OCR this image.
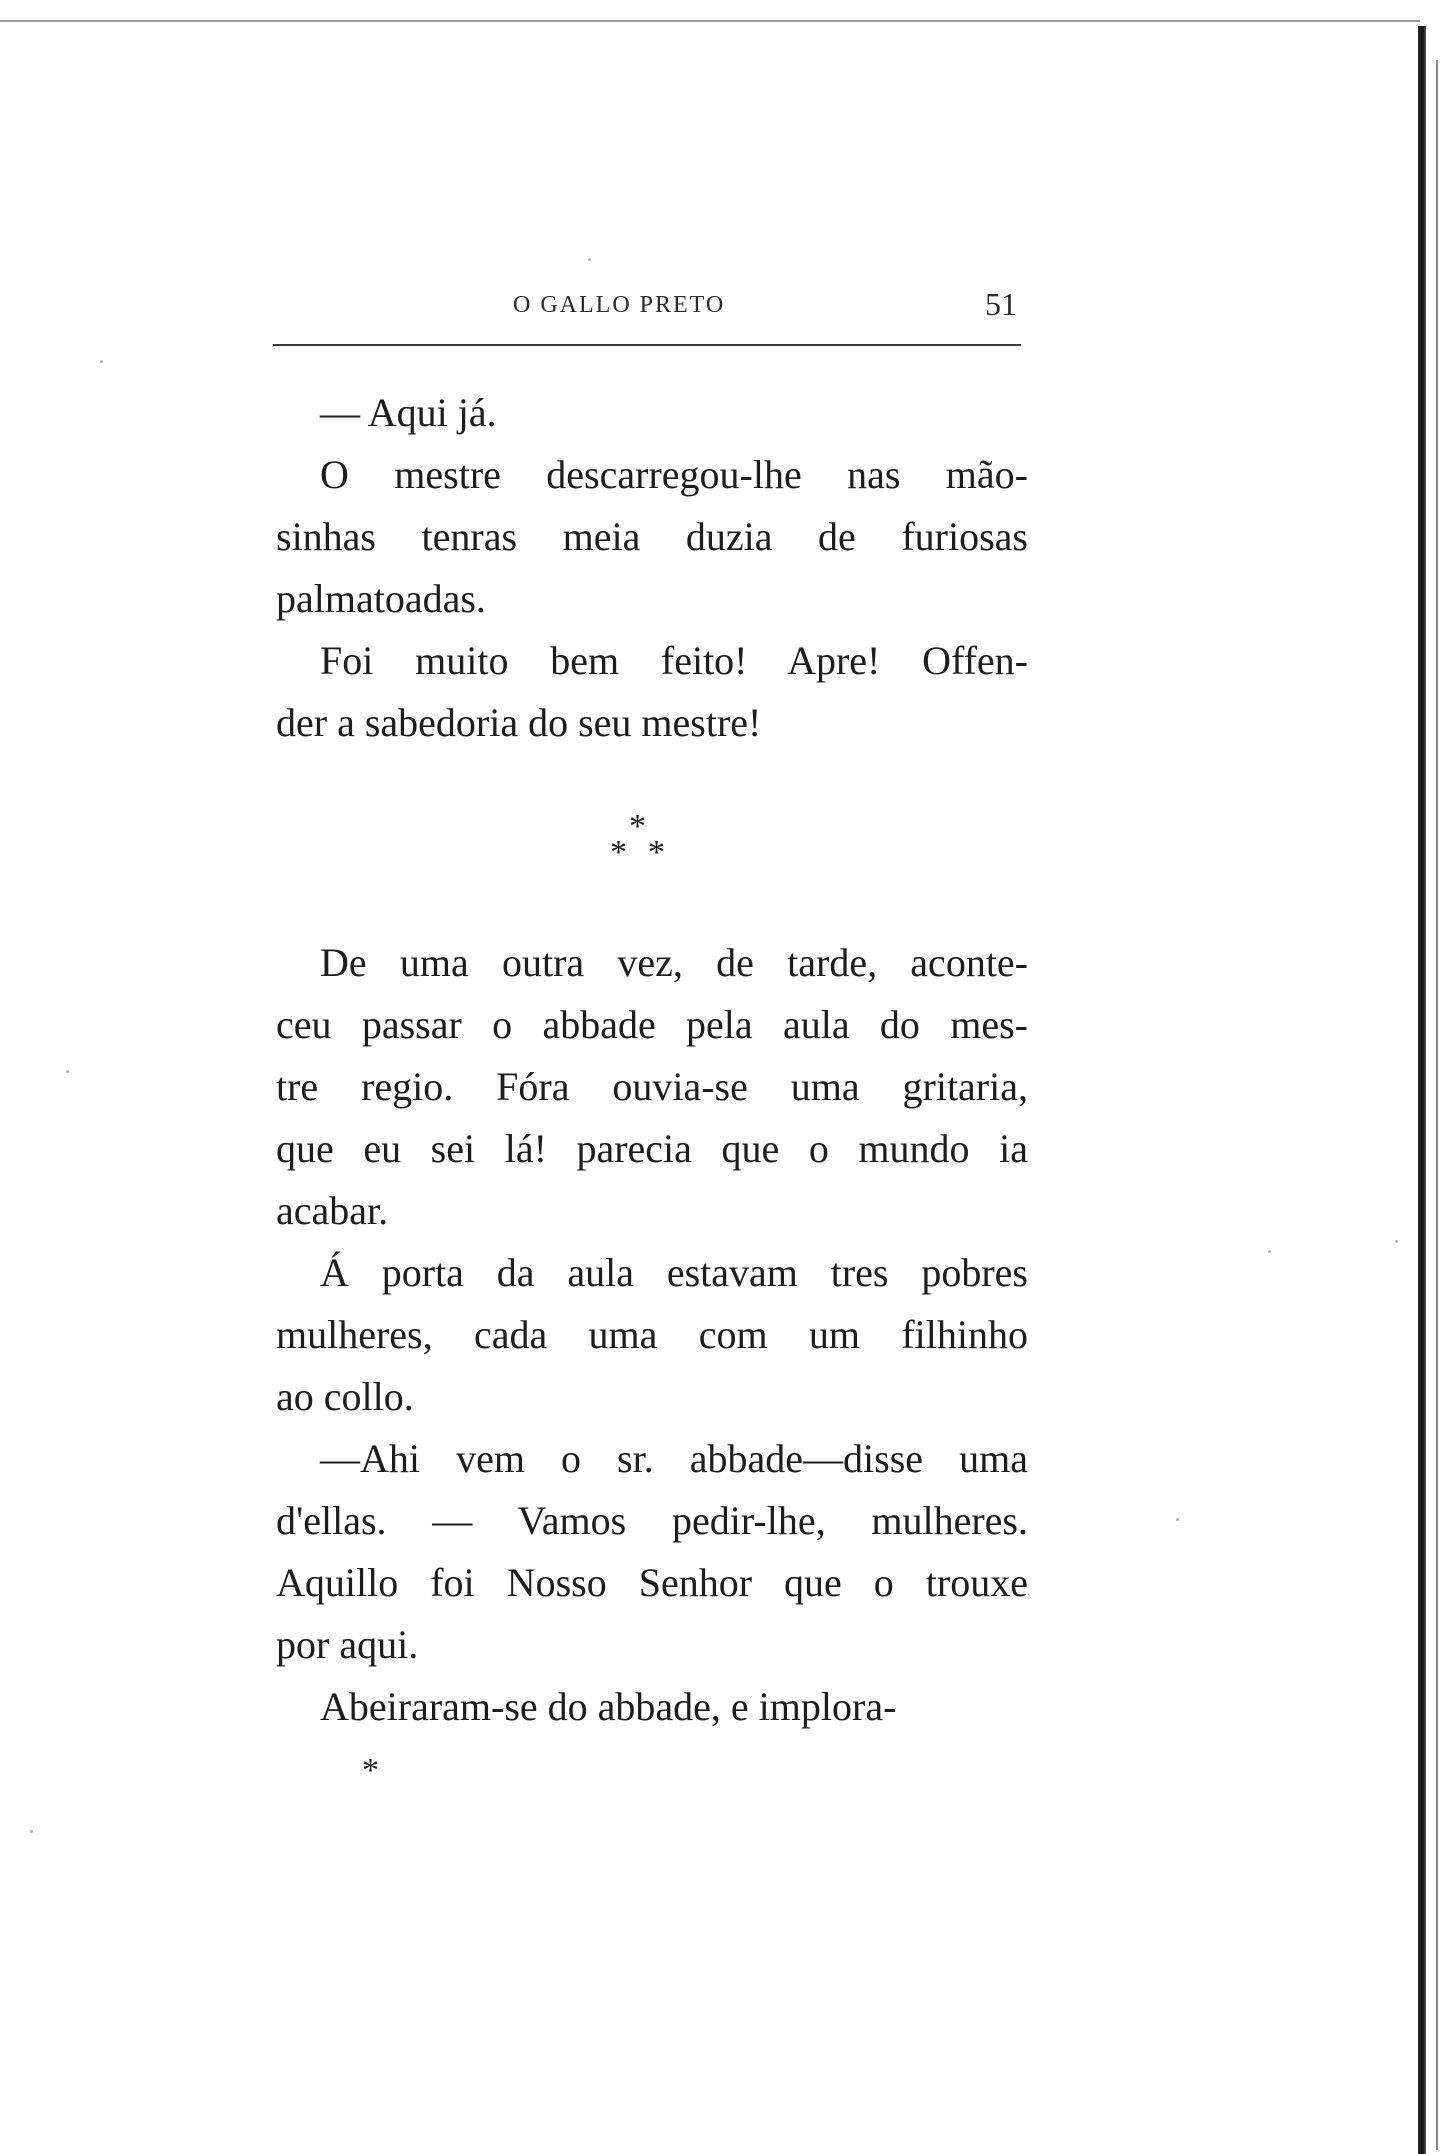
O GALLO PRETO	51
— Aqui já.
O mestre descarregou-lhe nas mão-
sinhas tenras meia duzia de furiosas
palmatoadas.
Foi muito bem feito! Apre! Offen-
der a sabedoria do seu mestre!
*
* *
De uma outra vez, de tarde, aconte-
ceu passar o abbade pela aula do mes-
tre regio. Fóra ouvia-se uma gritaria,
que eu sei lá! parecia que o mundo ia
acabar.
Á porta da aula estavam tres pobres
mulheres, cada uma com um filhinho
ao collo.
—Ahi vem o sr. abbade—disse uma
d'ellas. — Vamos pedir-lhe, mulheres.
Aquillo foi Nosso Senhor que o trouxe
por aqui.
Abeiraram-se do abbade, e implora-
*
